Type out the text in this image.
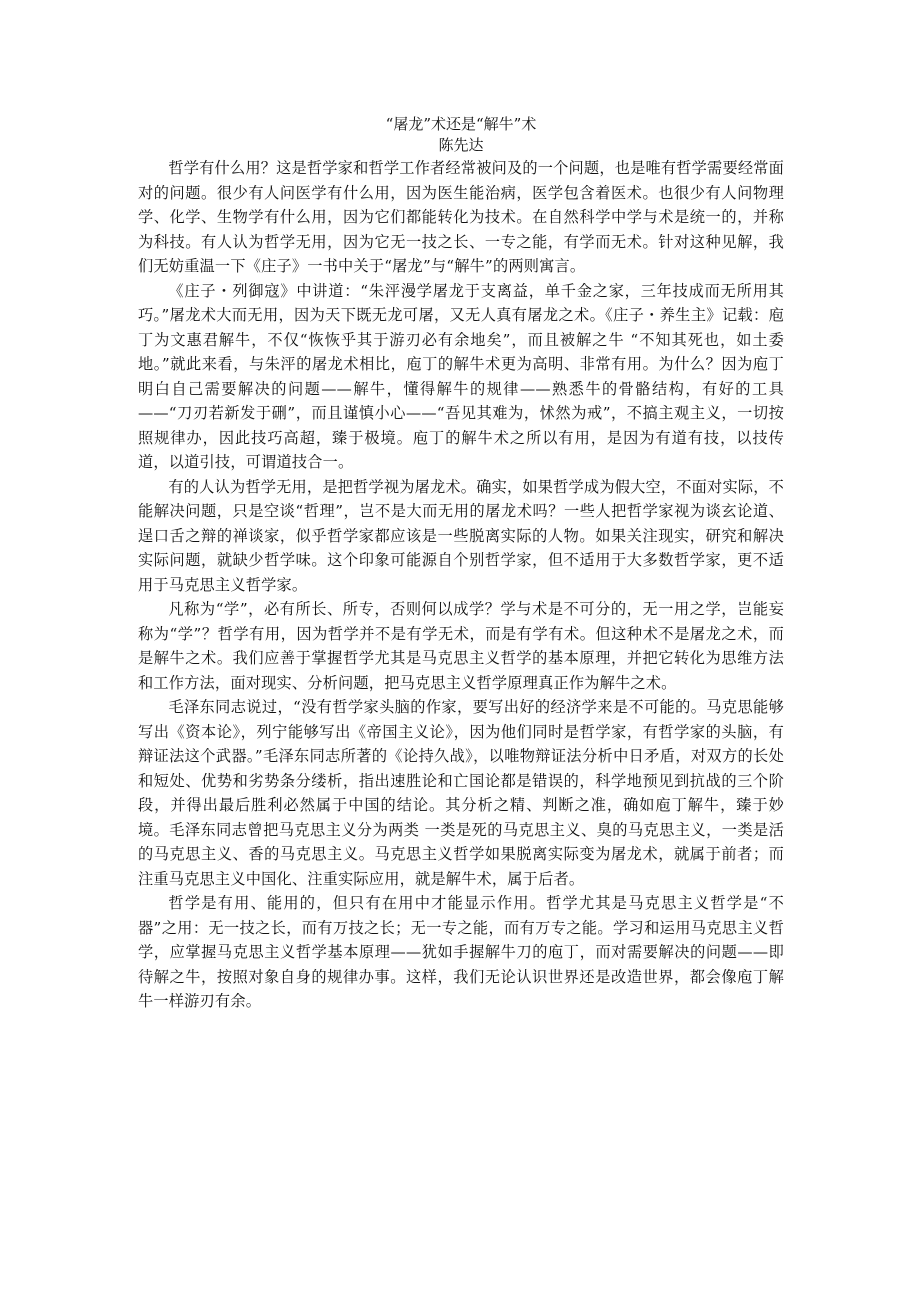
“屠龙”术还是“解牛”术
陈先达

哲学有什么用？这是哲学家和哲学工作者经常被问及的一个问题，也是唯有哲学需要经常面对的问题。很少有人问医学有什么用，因为医生能治病，医学包含着医术。也很少有人问物理学、化学、生物学有什么用，因为它们都能转化为技术。在自然科学中学与术是统一的，并称为科技。有人认为哲学无用，因为它无一技之长、一专之能，有学而无术。针对这种见解，我们无妨重温一下《庄子》一书中关于“屠龙”与“解牛”的两则寓言。

《庄子・列御寇》中讲道：“朱泙漫学屠龙于支离益，单千金之家，三年技成而无所用其巧。”屠龙术大而无用，因为天下既无龙可屠，又无人真有屠龙之术。《庄子・养生主》记载：庖丁为文惠君解牛，不仅“恢恢乎其于游刃必有余地矣”，而且被解之牛 “不知其死也，如土委地。”就此来看，与朱泙的屠龙术相比，庖丁的解牛术更为高明、非常有用。为什么？因为庖丁明白自己需要解决的问题——解牛，懂得解牛的规律——熟悉牛的骨骼结构，有好的工具——“刀刃若新发于硎”，而且谨慎小心——“吾见其难为，怵然为戒”，不搞主观主义，一切按照规律办，因此技巧高超，臻于极境。庖丁的解牛术之所以有用，是因为有道有技，以技传道，以道引技，可谓道技合一。

有的人认为哲学无用，是把哲学视为屠龙术。确实，如果哲学成为假大空，不面对实际，不能解决问题，只是空谈“哲理”，岂不是大而无用的屠龙术吗？一些人把哲学家视为谈玄论道、逞口舌之辩的禅谈家，似乎哲学家都应该是一些脱离实际的人物。如果关注现实，研究和解决实际问题，就缺少哲学味。这个印象可能源自个别哲学家，但不适用于大多数哲学家，更不适用于马克思主义哲学家。

凡称为“学”，必有所长、所专，否则何以成学？学与术是不可分的，无一用之学，岂能妄称为“学”？哲学有用，因为哲学并不是有学无术，而是有学有术。但这种术不是屠龙之术，而是解牛之术。我们应善于掌握哲学尤其是马克思主义哲学的基本原理，并把它转化为思维方法和工作方法，面对现实、分析问题，把马克思主义哲学原理真正作为解牛之术。

毛泽东同志说过，“没有哲学家头脑的作家，要写出好的经济学来是不可能的。马克思能够写出《资本论》，列宁能够写出《帝国主义论》，因为他们同时是哲学家，有哲学家的头脑，有辩证法这个武器。”毛泽东同志所著的《论持久战》，以唯物辩证法分析中日矛盾，对双方的长处和短处、优势和劣势条分缕析，指出速胜论和亡国论都是错误的，科学地预见到抗战的三个阶段，并得出最后胜利必然属于中国的结论。其分析之精、判断之准，确如庖丁解牛，臻于妙境。毛泽东同志曾把马克思主义分为两类 一类是死的马克思主义、臭的马克思主义，一类是活的马克思主义、香的马克思主义。马克思主义哲学如果脱离实际变为屠龙术，就属于前者；而注重马克思主义中国化、注重实际应用，就是解牛术，属于后者。

哲学是有用、能用的，但只有在用中才能显示作用。哲学尤其是马克思主义哲学是“不器”之用：无一技之长，而有万技之长；无一专之能，而有万专之能。学习和运用马克思主义哲学，应掌握马克思主义哲学基本原理——犹如手握解牛刀的庖丁，而对需要解决的问题——即待解之牛，按照对象自身的规律办事。这样，我们无论认识世界还是改造世界，都会像庖丁解牛一样游刃有余。
